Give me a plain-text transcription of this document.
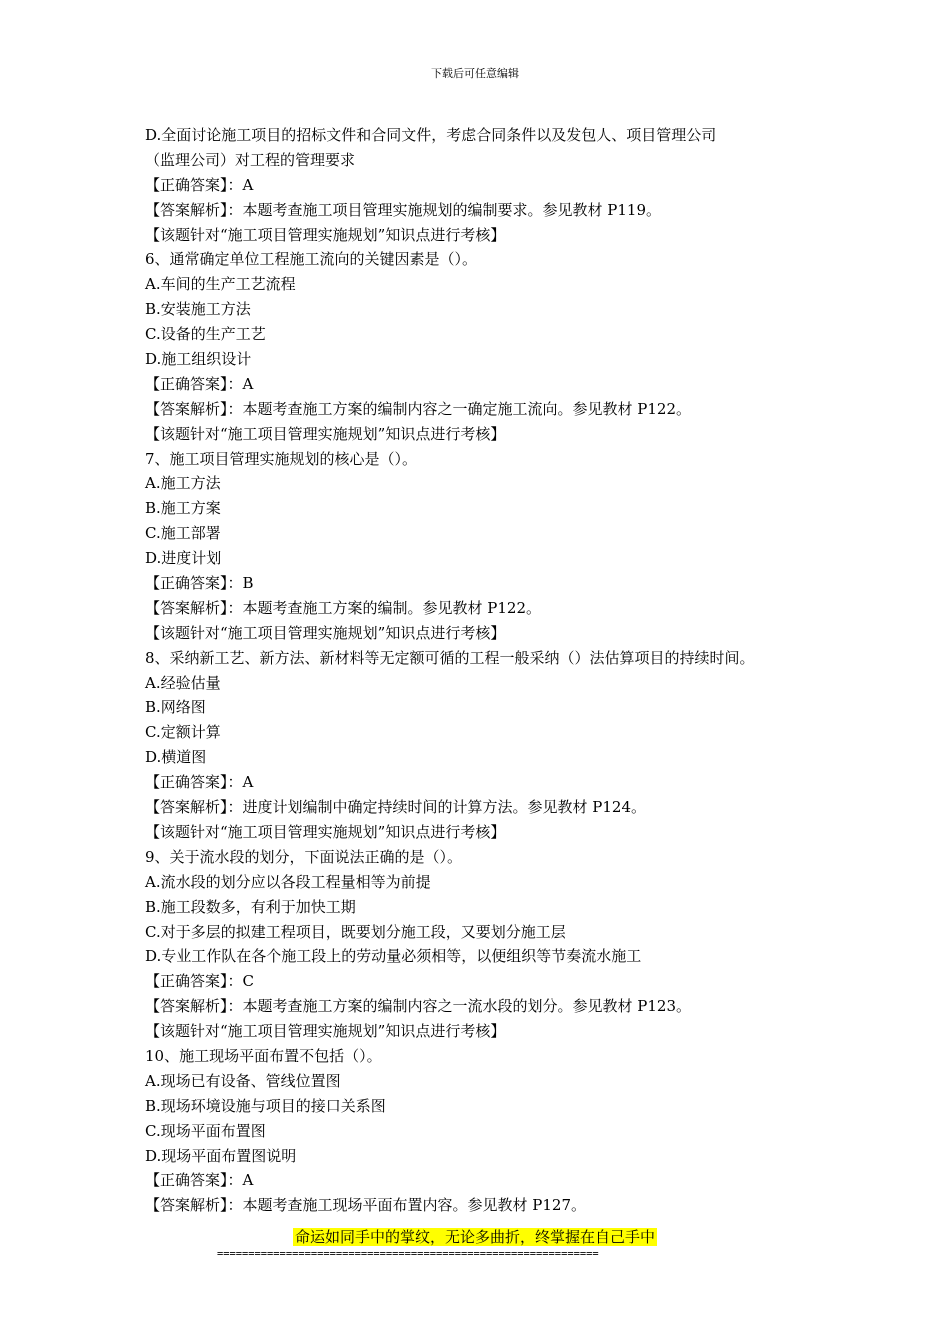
下载后可任意编辑

D.全面讨论施工项目的招标文件和合同文件，考虑合同条件以及发包人、项目管理公司

（监理公司）对工程的管理要求

【正确答案】：A

【答案解析】：本题考查施工项目管理实施规划的编制要求。参见教材 P119。

【该题针对“施工项目管理实施规划”知识点进行考核】

6、通常确定单位工程施工流向的关键因素是（）。

A.车间的生产工艺流程

B.安装施工方法

C.设备的生产工艺

D.施工组织设计

【正确答案】：A

【答案解析】：本题考查施工方案的编制内容之一确定施工流向。参见教材 P122。

【该题针对“施工项目管理实施规划”知识点进行考核】

7、施工项目管理实施规划的核心是（）。

A.施工方法

B.施工方案

C.施工部署

D.进度计划

【正确答案】：B

【答案解析】：本题考查施工方案的编制。参见教材 P122。

【该题针对“施工项目管理实施规划”知识点进行考核】

8、采纳新工艺、新方法、新材料等无定额可循的工程一般采纳（）法估算项目的持续时间。

A.经验估量

B.网络图

C.定额计算

D.横道图

【正确答案】：A

【答案解析】：进度计划编制中确定持续时间的计算方法。参见教材 P124。

【该题针对“施工项目管理实施规划”知识点进行考核】

9、关于流水段的划分，下面说法正确的是（）。

A.流水段的划分应以各段工程量相等为前提

B.施工段数多，有利于加快工期

C.对于多层的拟建工程项目，既要划分施工段，又要划分施工层

D.专业工作队在各个施工段上的劳动量必须相等，以便组织等节奏流水施工

【正确答案】：C

【答案解析】：本题考查施工方案的编制内容之一流水段的划分。参见教材 P123。

【该题针对“施工项目管理实施规划”知识点进行考核】

10、施工现场平面布置不包括（）。

A.现场已有设备、管线位置图

B.现场环境设施与项目的接口关系图

C.现场平面布置图

D.现场平面布置图说明

【正确答案】：A

【答案解析】：本题考查施工现场平面布置内容。参见教材 P127。

命运如同手中的掌纹，无论多曲折，终掌握在自己手中
=============================================================
